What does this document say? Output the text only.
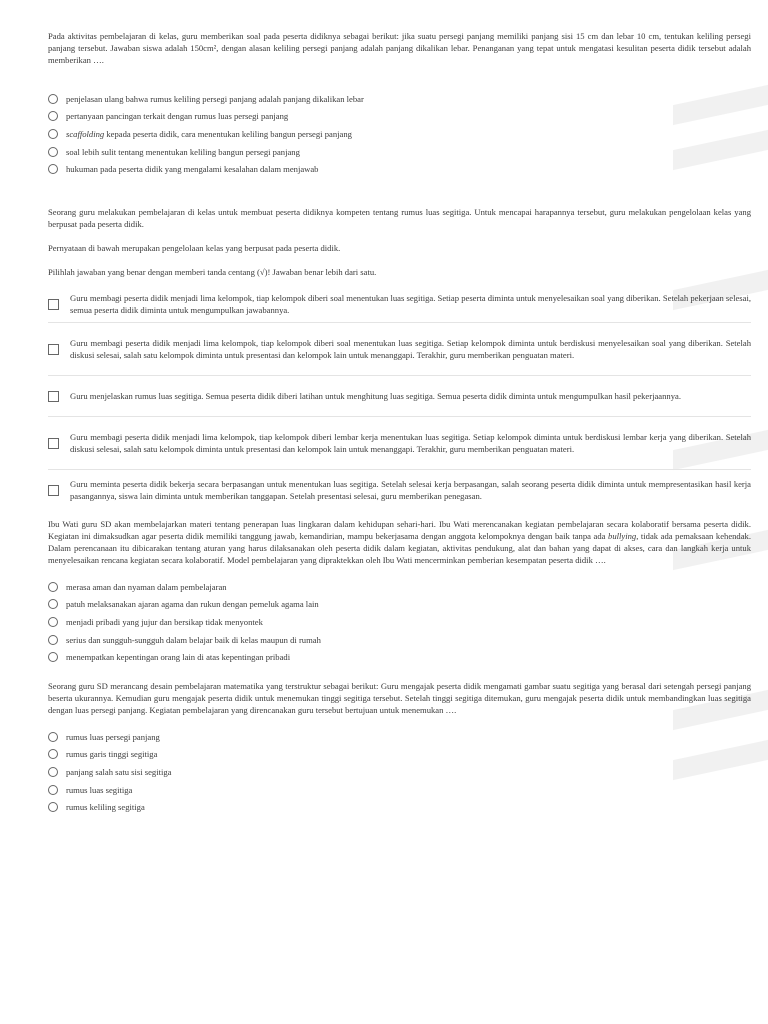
Pada aktivitas pembelajaran di kelas, guru memberikan soal pada peserta didiknya sebagai berikut: jika suatu persegi panjang memiliki panjang sisi 15 cm dan lebar 10 cm, tentukan keliling persegi panjang tersebut. Jawaban siswa adalah 150cm², dengan alasan keliling persegi panjang adalah panjang dikalikan lebar. Penanganan yang tepat untuk mengatasi kesulitan peserta didik tersebut adalah memberikan ….

penjelasan ulang bahwa rumus keliling persegi panjang adalah panjang dikalikan lebar
pertanyaan pancingan terkait dengan rumus luas persegi panjang
scaffolding kepada peserta didik, cara menentukan keliling bangun persegi panjang
soal lebih sulit tentang menentukan keliling bangun persegi panjang
hukuman pada peserta didik yang mengalami kesalahan dalam menjawab

Seorang guru melakukan pembelajaran di kelas untuk membuat peserta didiknya kompeten tentang rumus luas segitiga. Untuk mencapai harapannya tersebut, guru melakukan pengelolaan kelas yang berpusat pada peserta didik.

Pernyataan di bawah merupakan pengelolaan kelas yang berpusat pada peserta didik.

Pilihlah jawaban yang benar dengan memberi tanda centang (√)! Jawaban benar lebih dari satu.

Guru membagi peserta didik menjadi lima kelompok, tiap kelompok diberi soal menentukan luas segitiga. Setiap peserta diminta untuk menyelesaikan soal yang diberikan. Setelah pekerjaan selesai, semua peserta didik diminta untuk mengumpulkan jawabannya.
Guru membagi peserta didik menjadi lima kelompok, tiap kelompok diberi soal menentukan luas segitiga. Setiap kelompok diminta untuk berdiskusi menyelesaikan soal yang diberikan. Setelah diskusi selesai, salah satu kelompok diminta untuk presentasi dan kelompok lain untuk menanggapi. Terakhir, guru memberikan penguatan materi.
Guru menjelaskan rumus luas segitiga. Semua peserta didik diberi latihan untuk menghitung luas segitiga. Semua peserta didik diminta untuk mengumpulkan hasil pekerjaannya.
Guru membagi peserta didik menjadi lima kelompok, tiap kelompok diberi lembar kerja menentukan luas segitiga. Setiap kelompok diminta untuk berdiskusi lembar kerja yang diberikan. Setelah diskusi selesai, salah satu kelompok diminta untuk presentasi dan kelompok lain untuk menanggapi. Terakhir, guru memberikan penguatan materi.
Guru meminta peserta didik bekerja secara berpasangan untuk menentukan luas segitiga. Setelah selesai kerja berpasangan, salah seorang peserta didik diminta untuk mempresentasikan hasil kerja pasangannya, siswa lain diminta untuk memberikan tanggapan. Setelah presentasi selesai, guru memberikan penegasan.

Ibu Wati guru SD akan membelajarkan materi tentang penerapan luas lingkaran dalam kehidupan sehari-hari. Ibu Wati merencanakan kegiatan pembelajaran secara kolaboratif bersama peserta didik. Kegiatan ini dimaksudkan agar peserta didik memiliki tanggung jawab, kemandirian, mampu bekerjasama dengan anggota kelompoknya dengan baik tanpa ada bullying, tidak ada pemaksaan kehendak. Dalam perencanaan itu dibicarakan tentang aturan yang harus dilaksanakan oleh peserta didik dalam kegiatan, aktivitas pendukung, alat dan bahan yang dapat di akses, cara dan langkah kerja untuk menyelesaikan rencana kegiatan secara kolaboratif. Model pembelajaran yang dipraktekkan oleh Ibu Wati mencerminkan pemberian kesempatan peserta didik ….

merasa aman dan nyaman dalam pembelajaran
patuh melaksanakan ajaran agama dan rukun dengan pemeluk agama lain
menjadi pribadi yang jujur dan bersikap tidak menyontek
serius dan sungguh-sungguh dalam belajar baik di kelas maupun di rumah
menempatkan kepentingan orang lain di atas kepentingan pribadi

Seorang guru SD merancang desain pembelajaran matematika yang terstruktur sebagai berikut: Guru mengajak peserta didik mengamati gambar suatu segitiga yang berasal dari setengah persegi panjang beserta ukurannya. Kemudian guru mengajak peserta didik untuk menemukan tinggi segitiga tersebut. Setelah tinggi segitiga ditemukan, guru mengajak peserta didik untuk membandingkan luas segitiga dengan luas persegi panjang. Kegiatan pembelajaran yang direncanakan guru tersebut bertujuan untuk menemukan ….

rumus luas persegi panjang
rumus garis tinggi segitiga
panjang salah satu sisi segitiga
rumus luas segitiga
rumus keliling segitiga
